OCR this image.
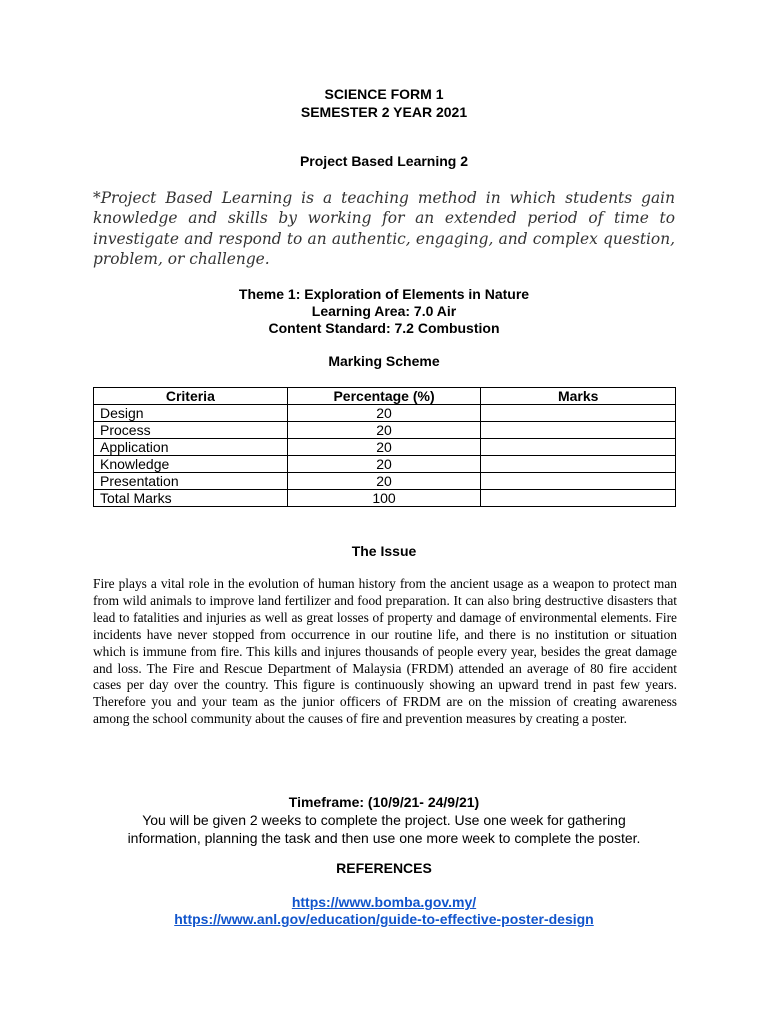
SCIENCE FORM 1
SEMESTER 2 YEAR 2021
Project Based Learning 2
*Project Based Learning is a teaching method in which students gain knowledge and skills by working for an extended period of time to investigate and respond to an authentic, engaging, and complex question, problem, or challenge.
Theme 1: Exploration of Elements in Nature
Learning Area: 7.0 Air
Content Standard: 7.2 Combustion
Marking Scheme
Criteria	Percentage (%)	Marks
Design	20	
Process	20	
Application	20	
Knowledge	20	
Presentation	20	
Total Marks	100	
The Issue
Fire plays a vital role in the evolution of human history from the ancient usage as a weapon to protect man from wild animals to improve land fertilizer and food preparation. It can also bring destructive disasters that lead to fatalities and injuries as well as great losses of property and damage of environmental elements. Fire incidents have never stopped from occurrence in our routine life, and there is no institution or situation which is immune from fire. This kills and injures thousands of people every year, besides the great damage and loss. The Fire and Rescue Department of Malaysia (FRDM) attended an average of 80 fire accident cases per day over the country. This figure is continuously showing an upward trend in past few years. Therefore you and your team as the junior officers of FRDM are on the mission of creating awareness among the school community about the causes of fire and prevention measures by creating a poster.
Timeframe: (10/9/21- 24/9/21)
You will be given 2 weeks to complete the project. Use one week for gathering
information, planning the task and then use one more week to complete the poster.
REFERENCES
https://www.bomba.gov.my/
https://www.anl.gov/education/guide-to-effective-poster-design
